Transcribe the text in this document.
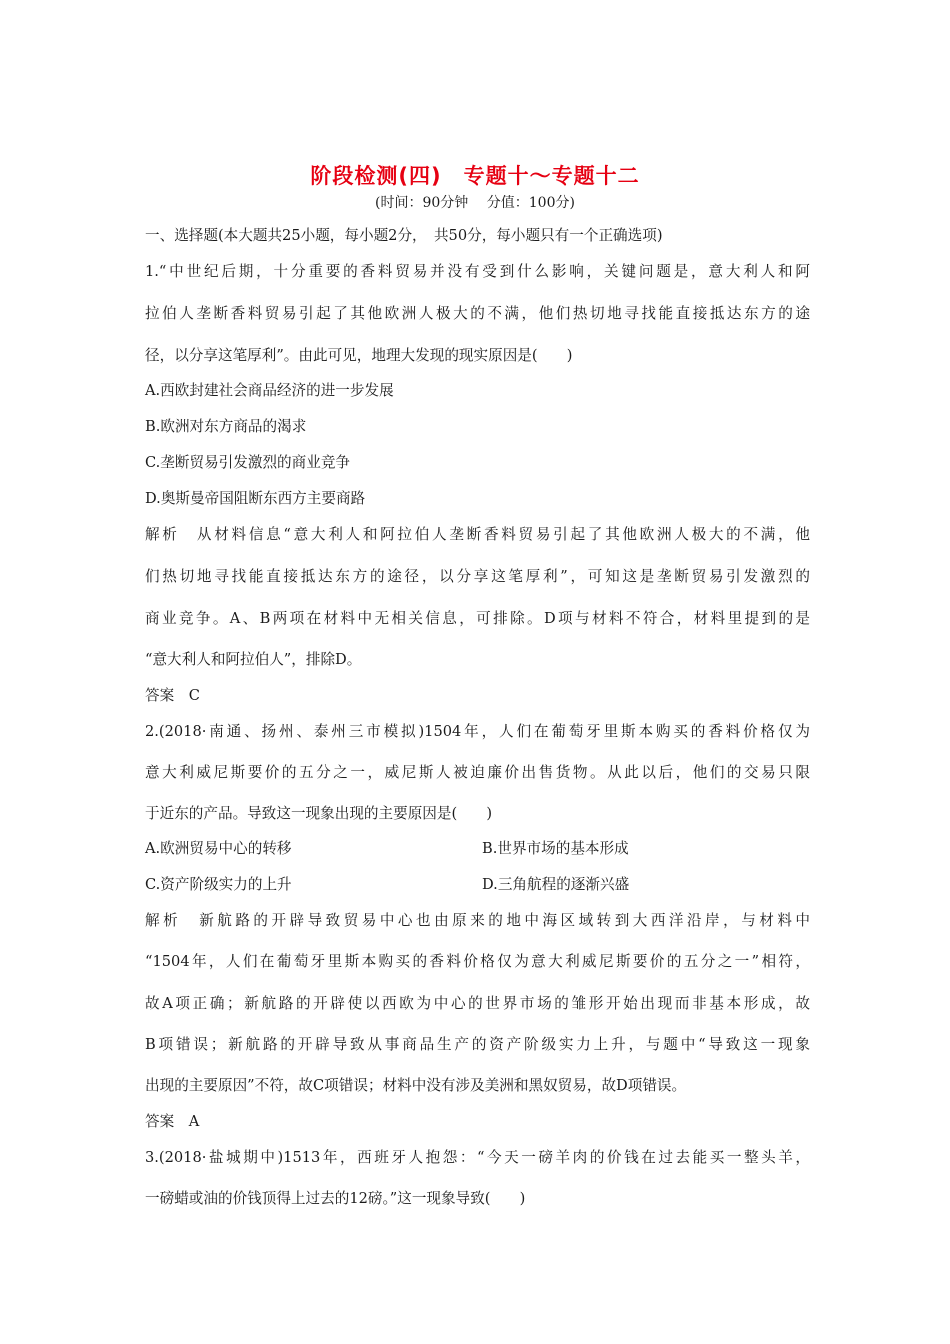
阶段检测(四)　专题十～专题十二
(时间：90分钟　 分值：100分)
一、选择题(本大题共25小题，每小题2分，　共50分，每小题只有一个正确选项)
1.“中世纪后期，十分重要的香料贸易并没有受到什么影响，关键问题是，意大利人和阿
拉伯人垄断香料贸易引起了其他欧洲人极大的不满，他们热切地寻找能直接抵达东方的途
径，以分享这笔厚利”。由此可见，地理大发现的现实原因是(　　)
A.西欧封建社会商品经济的进一步发展
B.欧洲对东方商品的渴求
C.垄断贸易引发激烈的商业竞争
D.奥斯曼帝国阻断东西方主要商路
解析　从材料信息“意大利人和阿拉伯人垄断香料贸易引起了其他欧洲人极大的不满，他
们热切地寻找能直接抵达东方的途径，以分享这笔厚利”，可知这是垄断贸易引发激烈的
商业竞争。A、B两项在材料中无相关信息，可排除。D项与材料不符合，材料里提到的是
“意大利人和阿拉伯人”，排除D。
答案　C
2.(2018·南通、扬州、泰州三市模拟)1504年，人们在葡萄牙里斯本购买的香料价格仅为
意大利威尼斯要价的五分之一，威尼斯人被迫廉价出售货物。从此以后，他们的交易只限
于近东的产品。导致这一现象出现的主要原因是(　　)
A.欧洲贸易中心的转移	B.世界市场的基本形成
C.资产阶级实力的上升	D.三角航程的逐渐兴盛
解析　新航路的开辟导致贸易中心也由原来的地中海区域转到大西洋沿岸，与材料中
“1504年，人们在葡萄牙里斯本购买的香料价格仅为意大利威尼斯要价的五分之一”相符，
故A项正确；新航路的开辟使以西欧为中心的世界市场的雏形开始出现而非基本形成，故
B项错误；新航路的开辟导致从事商品生产的资产阶级实力上升，与题中“导致这一现象
出现的主要原因”不符，故C项错误；材料中没有涉及美洲和黑奴贸易，故D项错误。
答案　A
3.(2018·盐城期中)1513年，西班牙人抱怨：“今天一磅羊肉的价钱在过去能买一整头羊，
一磅蜡或油的价钱顶得上过去的12磅。”这一现象导致(　　)
